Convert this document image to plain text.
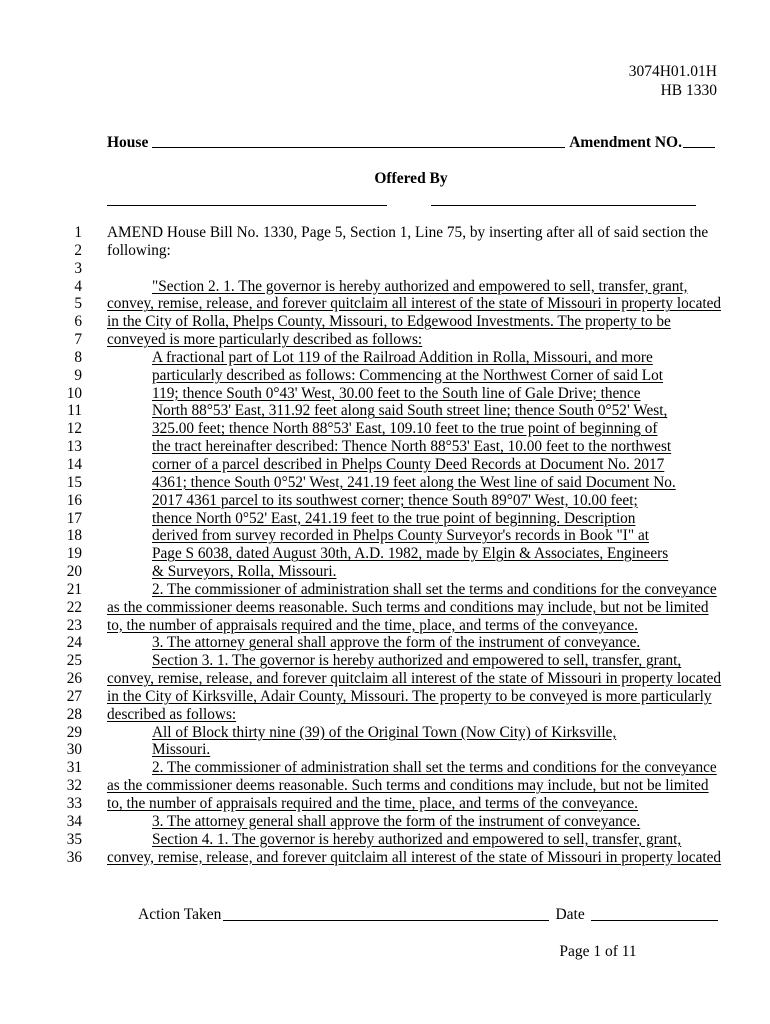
3074H01.01H
HB 1330
House	Amendment NO.
Offered By
1 AMEND House Bill No. 1330, Page 5, Section 1, Line 75, by inserting after all of said section the
2 following:
3
4	"Section 2. 1. The governor is hereby authorized and empowered to sell, transfer, grant,
5 convey, remise, release, and forever quitclaim all interest of the state of Missouri in property located
6 in the City of Rolla, Phelps County, Missouri, to Edgewood Investments. The property to be
7 conveyed is more particularly described as follows:
8	A fractional part of Lot 119 of the Railroad Addition in Rolla, Missouri, and more
9	particularly described as follows: Commencing at the Northwest Corner of said Lot
10	119; thence South 0°43' West, 30.00 feet to the South line of Gale Drive; thence
11	North 88°53' East, 311.92 feet along said South street line; thence South 0°52' West,
12	325.00 feet; thence North 88°53' East, 109.10 feet to the true point of beginning of
13	the tract hereinafter described: Thence North 88°53' East, 10.00 feet to the northwest
14	corner of a parcel described in Phelps County Deed Records at Document No. 2017
15	4361; thence South 0°52' West, 241.19 feet along the West line of said Document No.
16	2017 4361 parcel to its southwest corner; thence South 89°07' West, 10.00 feet;
17	thence North 0°52' East, 241.19 feet to the true point of beginning. Description
18	derived from survey recorded in Phelps County Surveyor's records in Book "I" at
19	Page S 6038, dated August 30th, A.D. 1982, made by Elgin & Associates, Engineers
20	& Surveyors, Rolla, Missouri.
21	2. The commissioner of administration shall set the terms and conditions for the conveyance
22 as the commissioner deems reasonable. Such terms and conditions may include, but not be limited
23 to, the number of appraisals required and the time, place, and terms of the conveyance.
24	3. The attorney general shall approve the form of the instrument of conveyance.
25	Section 3. 1. The governor is hereby authorized and empowered to sell, transfer, grant,
26 convey, remise, release, and forever quitclaim all interest of the state of Missouri in property located
27 in the City of Kirksville, Adair County, Missouri. The property to be conveyed is more particularly
28 described as follows:
29	All of Block thirty nine (39) of the Original Town (Now City) of Kirksville,
30	Missouri.
31	2. The commissioner of administration shall set the terms and conditions for the conveyance
32 as the commissioner deems reasonable. Such terms and conditions may include, but not be limited
33 to, the number of appraisals required and the time, place, and terms of the conveyance.
34	3. The attorney general shall approve the form of the instrument of conveyance.
35	Section 4. 1. The governor is hereby authorized and empowered to sell, transfer, grant,
36 convey, remise, release, and forever quitclaim all interest of the state of Missouri in property located
Action Taken	Date
Page 1 of 11
